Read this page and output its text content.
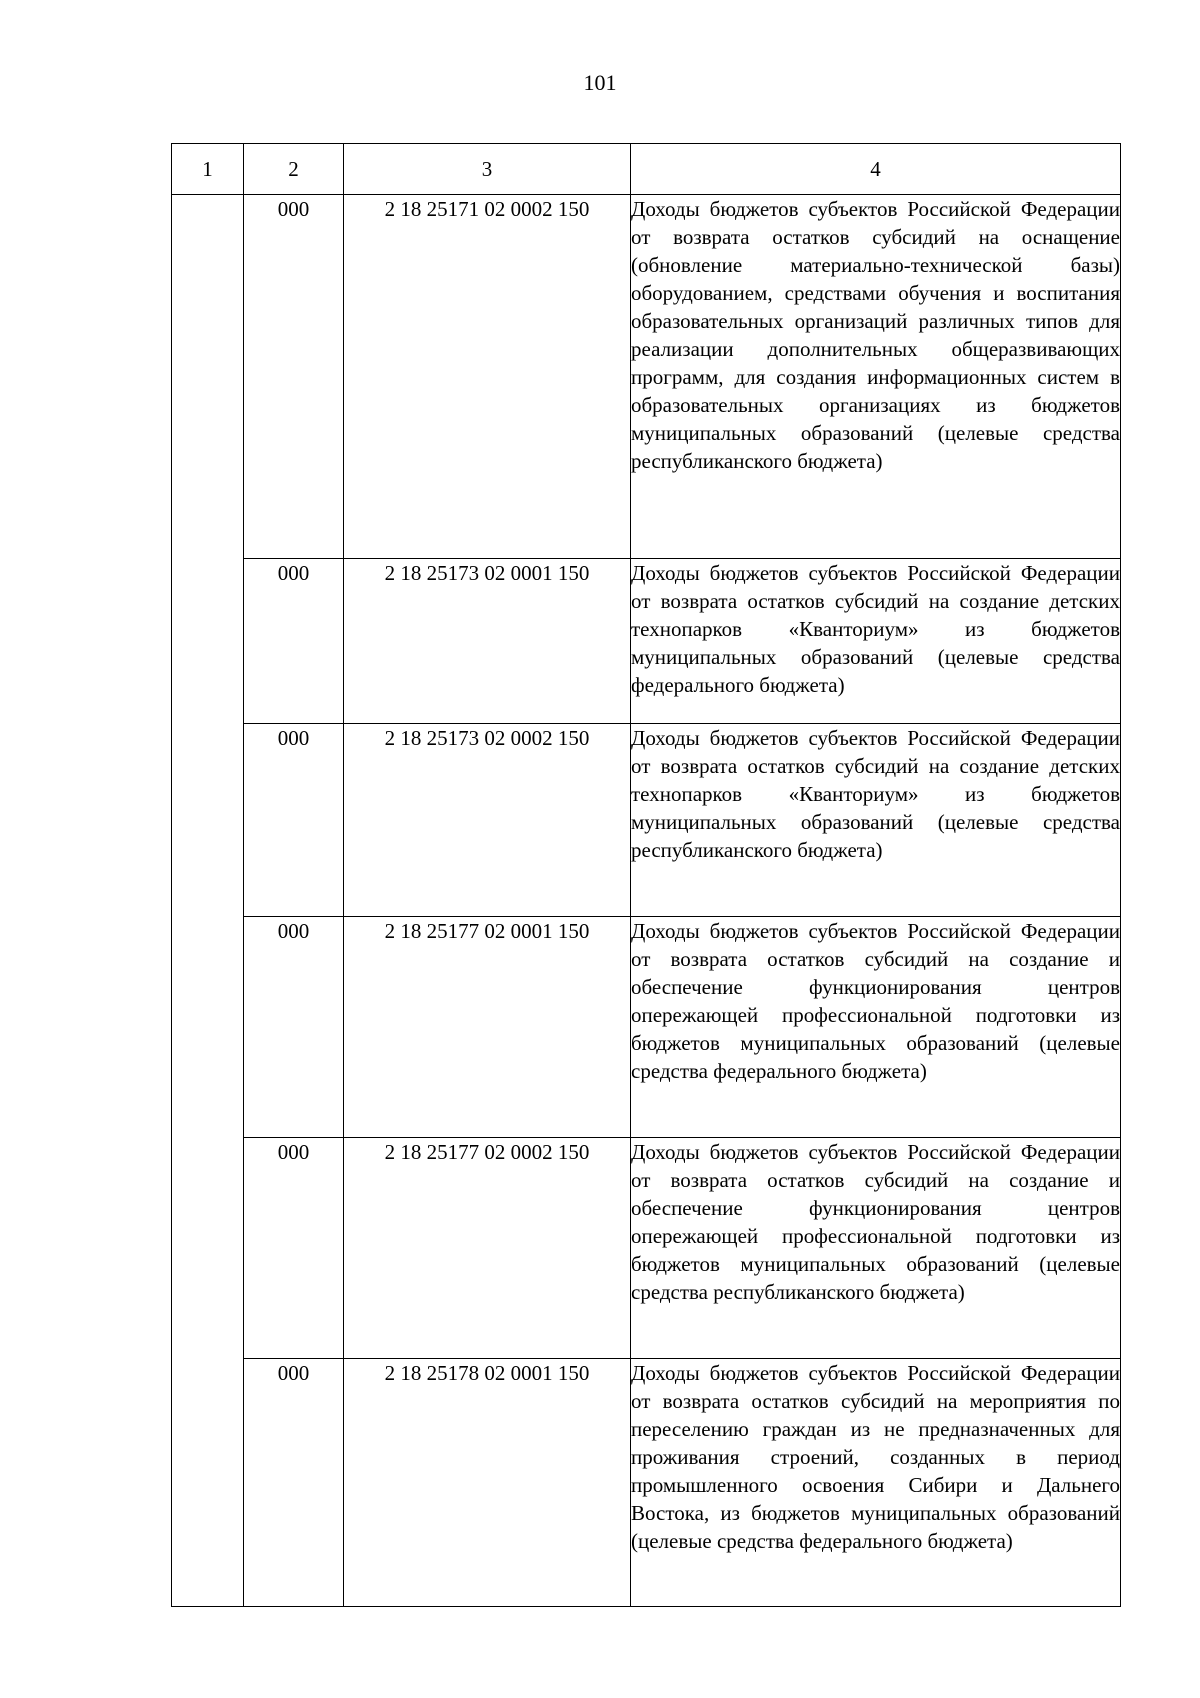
101
1	2	3	4
	000	2 18 25171 02 0002 150	Доходы бюджетов субъектов Российской Федерации от возврата остатков субсидий на оснащение (обновление материально-технической базы) оборудованием, средствами обучения и воспитания образовательных организаций различных типов для реализации дополнительных общеразвивающих программ, для создания информационных систем в образовательных организациях из бюджетов муниципальных образований (целевые средства республиканского бюджета)
	000	2 18 25173 02 0001 150	Доходы бюджетов субъектов Российской Федерации от возврата остатков субсидий на создание детских технопарков «Кванториум» из бюджетов муниципальных образований (целевые средства федерального бюджета)
	000	2 18 25173 02 0002 150	Доходы бюджетов субъектов Российской Федерации от возврата остатков субсидий на создание детских технопарков «Кванториум» из бюджетов муниципальных образований (целевые средства республиканского бюджета)
	000	2 18 25177 02 0001 150	Доходы бюджетов субъектов Российской Федерации от возврата остатков субсидий на создание и обеспечение функционирования центров опережающей профессиональной подготовки из бюджетов муниципальных образований (целевые средства федерального бюджета)
	000	2 18 25177 02 0002 150	Доходы бюджетов субъектов Российской Федерации от возврата остатков субсидий на создание и обеспечение функционирования центров опережающей профессиональной подготовки из бюджетов муниципальных образований (целевые средства республиканского бюджета)
	000	2 18 25178 02 0001 150	Доходы бюджетов субъектов Российской Федерации от возврата остатков субсидий на мероприятия по переселению граждан из не предназначенных для проживания строений, созданных в период промышленного освоения Сибири и Дальнего Востока, из бюджетов муниципальных образований (целевые средства федерального бюджета)
